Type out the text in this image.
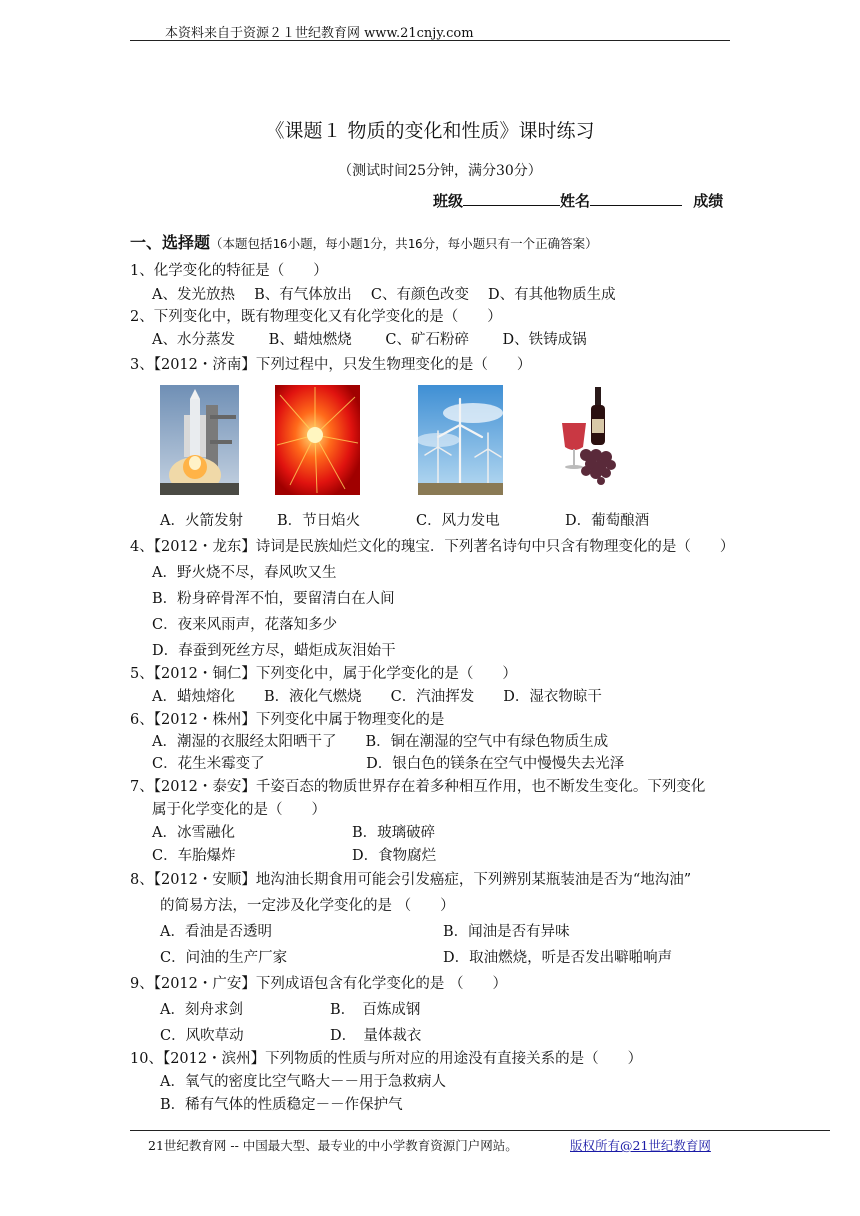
本资料来自于资源２１世纪教育网 www.21cnjy.com
《课题１ 物质的变化和性质》课时练习
（测试时间25分钟，满分30分）
班级	姓名	成绩
一、选择题（本题包括16小题，每小题1分，共16分，每小题只有一个正确答案）
1、化学变化的特征是（　　）
A、发光放热　 B、有气体放出　 C、有颜色改变　 D、有其他物质生成
2、下列变化中，既有物理变化又有化学变化的是（　　）
A、水分蒸发　　 B、蜡烛燃烧　　 C、矿石粉碎　　 D、铁铸成锅
3、【2012・济南】下列过程中，只发生物理变化的是（　　）
A．火箭发射 B．节日焰火	C．风力发电	D．葡萄酿酒
4、【2012・龙东】诗词是民族灿烂文化的瑰宝．下列著名诗句中只含有物理变化的是（　　）
A．野火烧不尽，春风吹又生
B．粉身碎骨浑不怕，要留清白在人间
C．夜来风雨声，花落知多少
D．春蚕到死丝方尽，蜡炬成灰泪始干
5、【2012・铜仁】下列变化中，属于化学变化的是（　　）
A．蜡烛熔化　　B．液化气燃烧　　C．汽油挥发　　D．湿衣物晾干
6、【2012・株州】下列变化中属于物理变化的是
A．潮湿的衣服经太阳晒干了　　B．铜在潮湿的空气中有绿色物质生成
C．花生米霉变了　　　　　　　D．银白色的镁条在空气中慢慢失去光泽
7、【2012・泰安】千姿百态的物质世界存在着多种相互作用，也不断发生变化。下列变化
属于化学变化的是（　　）
A．冰雪融化	B．玻璃破碎
C．车胎爆炸	D．食物腐烂
8、【2012・安顺】地沟油长期食用可能会引发癌症，下列辨别某瓶装油是否为“地沟油”
的简易方法，一定涉及化学变化的是 （　　）
A．看油是否透明	B．闻油是否有异味
C．问油的生产厂家	D．取油燃烧，听是否发出噼啪响声
9、【2012・广安】下列成语包含有化学变化的是 （　　）
A．刻舟求剑	B．　百炼成钢
C．风吹草动	D．　量体裁衣
10、【2012・滨州】下列物质的性质与所对应的用途没有直接关系的是（　　）
A．氧气的密度比空气略大－－用于急救病人
B．稀有气体的性质稳定－－作保护气
21世纪教育网 -- 中国最大型、最专业的中小学教育资源门户网站。	版权所有@21世纪教育网
